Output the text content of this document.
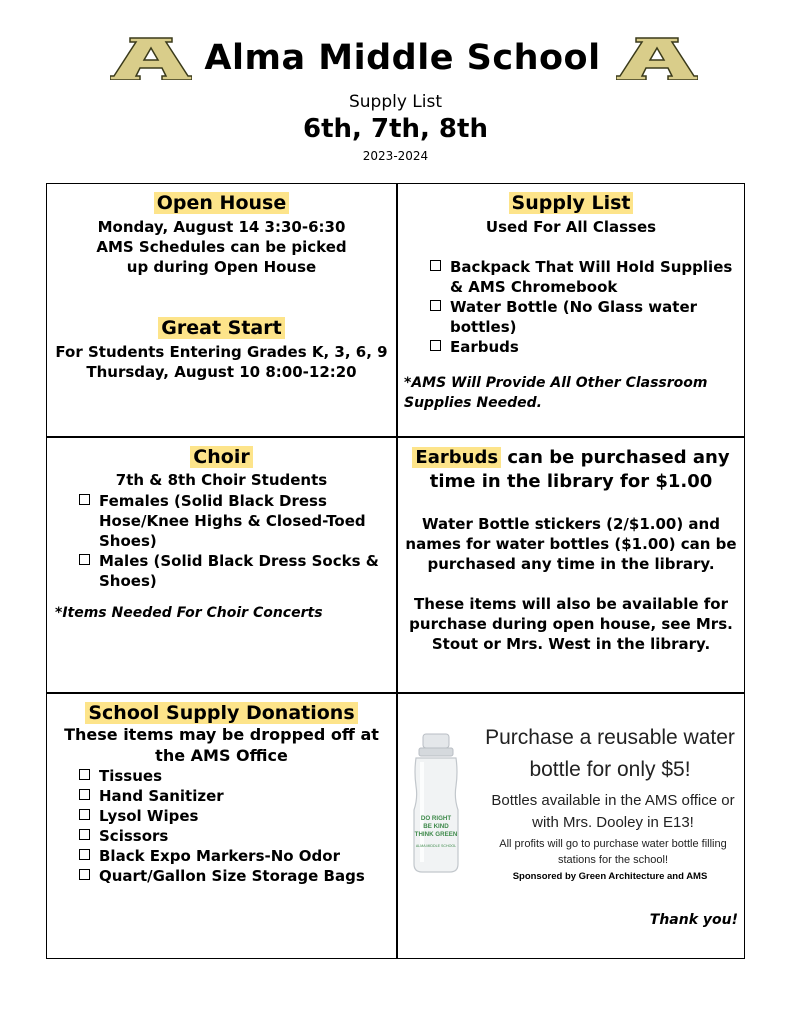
Alma Middle School
Supply List
6th, 7th, 8th
2023-2024
Open House
Monday, August 14 3:30-6:30
AMS Schedules can be picked up during Open House
Great Start
For Students Entering Grades K, 3, 6, 9
Thursday, August 10 8:00-12:20
Supply List
Used For All Classes
Backpack That Will Hold Supplies & AMS Chromebook
Water Bottle (No Glass water bottles)
Earbuds
*AMS Will Provide All Other Classroom Supplies Needed.
Choir
7th & 8th Choir Students
Females (Solid Black Dress Hose/Knee Highs & Closed-Toed Shoes)
Males (Solid Black Dress Socks & Shoes)
*Items Needed For Choir Concerts
Earbuds can be purchased any time in the library for $1.00
Water Bottle stickers (2/$1.00) and names for water bottles ($1.00) can be purchased any time in the library.
These items will also be available for purchase during open house, see Mrs. Stout or Mrs. West in the library.
School Supply Donations
These items may be dropped off at the AMS Office
Tissues
Hand Sanitizer
Lysol Wipes
Scissors
Black Expo Markers-No Odor
Quart/Gallon Size Storage Bags
DO RIGHT
BE KIND
THINK GREEN
ALMA MIDDLE SCHOOL
Purchase a reusable water bottle for only $5!
Bottles available in the AMS office or with Mrs. Dooley in E13!
All profits will go to purchase water bottle filling stations for the school!
Sponsored by Green Architecture and AMS
Thank you!
